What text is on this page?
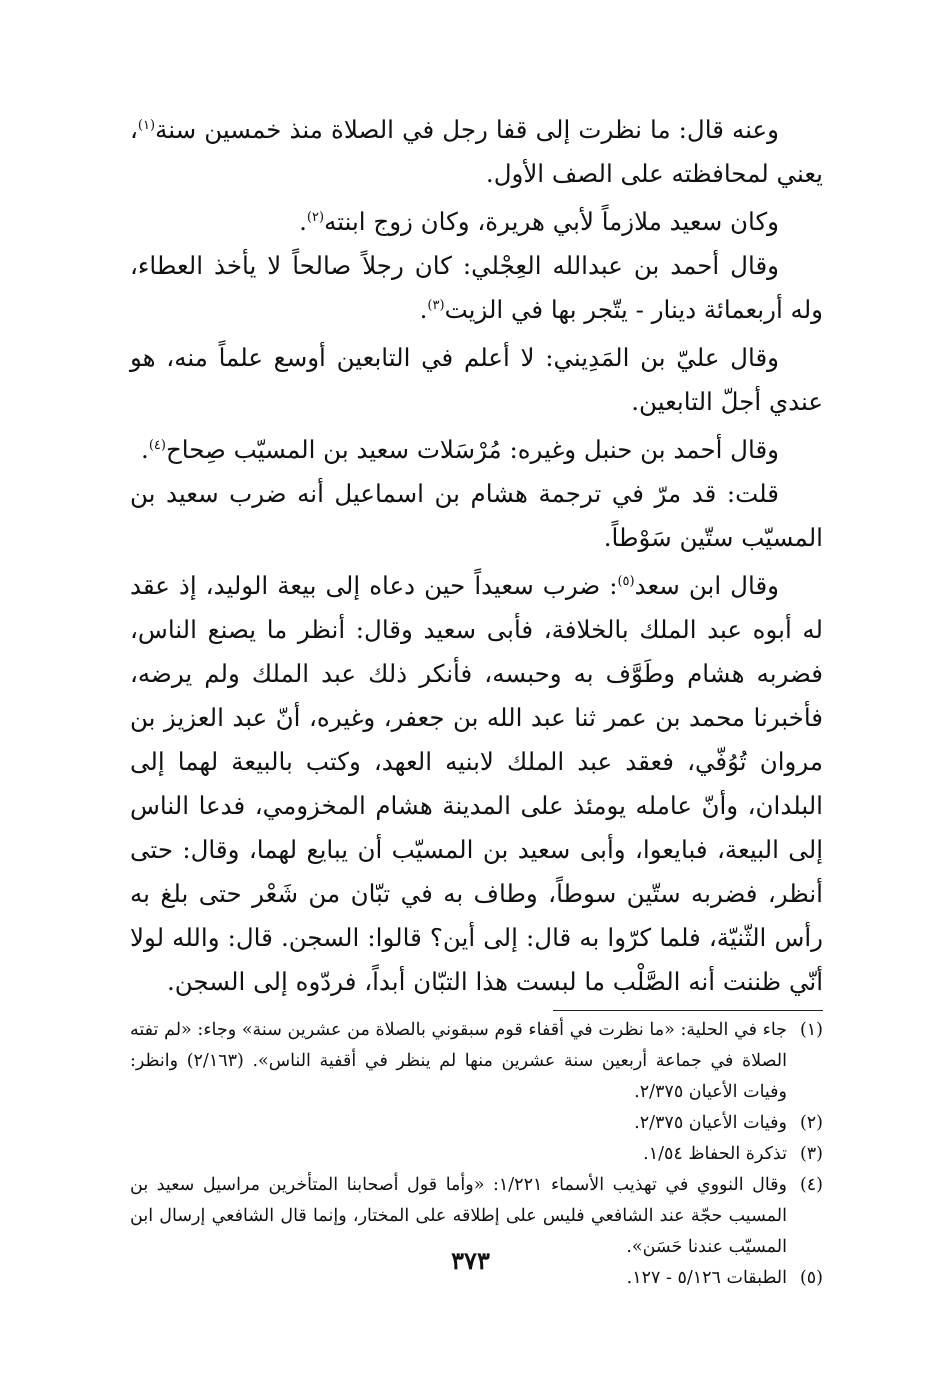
وعنه قال: ما نظرت إلى قفا رجل في الصلاة منذ خمسين سنة$^{(١)}$، يعني لمحافظته على الصف الأول.

وكان سعيد ملازماً لأبي هريرة، وكان زوج ابنته$^{(٢)}$.

وقال أحمد بن عبدالله العِجْلي: كان رجلاً صالحاً لا يأخذ العطاء، وله أربعمائة دينار - يتّجر بها في الزيت$^{(٣)}$.

وقال عليّ بن المَدِيني: لا أعلم في التابعين أوسع علماً منه، هو عندي أجلّ التابعين.

وقال أحمد بن حنبل وغيره: مُرْسَلات سعيد بن المسيّب صِحاح$^{(٤)}$.

قلت: قد مرّ في ترجمة هشام بن اسماعيل أنه ضرب سعيد بن المسيّب ستّين سَوْطاً.

وقال ابن سعد$^{(٥)}$: ضرب سعيداً حين دعاه إلى بيعة الوليد، إذ عقد له أبوه عبد الملك بالخلافة، فأبى سعيد وقال: أنظر ما يصنع الناس، فضربه هشام وطَوَّف به وحبسه، فأنكر ذلك عبد الملك ولم يرضه، فأخبرنا محمد بن عمر ثنا عبد الله بن جعفر، وغيره، أنّ عبد العزيز بن مروان تُوُفّي، فعقد عبد الملك لابنيه العهد، وكتب بالبيعة لهما إلى البلدان، وأنّ عامله يومئذ على المدينة هشام المخزومي، فدعا الناس إلى البيعة، فبايعوا، وأبى سعيد بن المسيّب أن يبايع لهما، وقال: حتى أنظر، فضربه ستّين سوطاً، وطاف به في تبّان من شَعْر حتى بلغ به رأس الثّنيّة، فلما كرّوا به قال: إلى أين؟ قالوا: السجن. قال: والله لولا أنّي ظننت أنه الصَّلْب ما لبست هذا التبّان أبداً، فردّوه إلى السجن.

(١)
جاء في الحلية: «ما نظرت في أقفاء قوم سبقوني بالصلاة من عشرين سنة» وجاء: «لم تفته الصلاة في جماعة أربعين سنة عشرين منها لم ينظر في أقفية الناس». (٢/١٦٣) وانظر: وفيات الأعيان ٢/٣٧٥.
(٢)
وفيات الأعيان ٢/٣٧٥.
(٣)
تذكرة الحفاظ ١/٥٤.
(٤)
وقال النووي في تهذيب الأسماء ١/٢٢١: «وأما قول أصحابنا المتأخرين مراسيل سعيد بن المسيب حجّة عند الشافعي فليس على إطلاقه على المختار، وإنما قال الشافعي إرسال ابن المسيّب عندنا حَسَن».
(٥)
الطبقات ٥/١٢٦ - ١٢٧.
٣٧٣
